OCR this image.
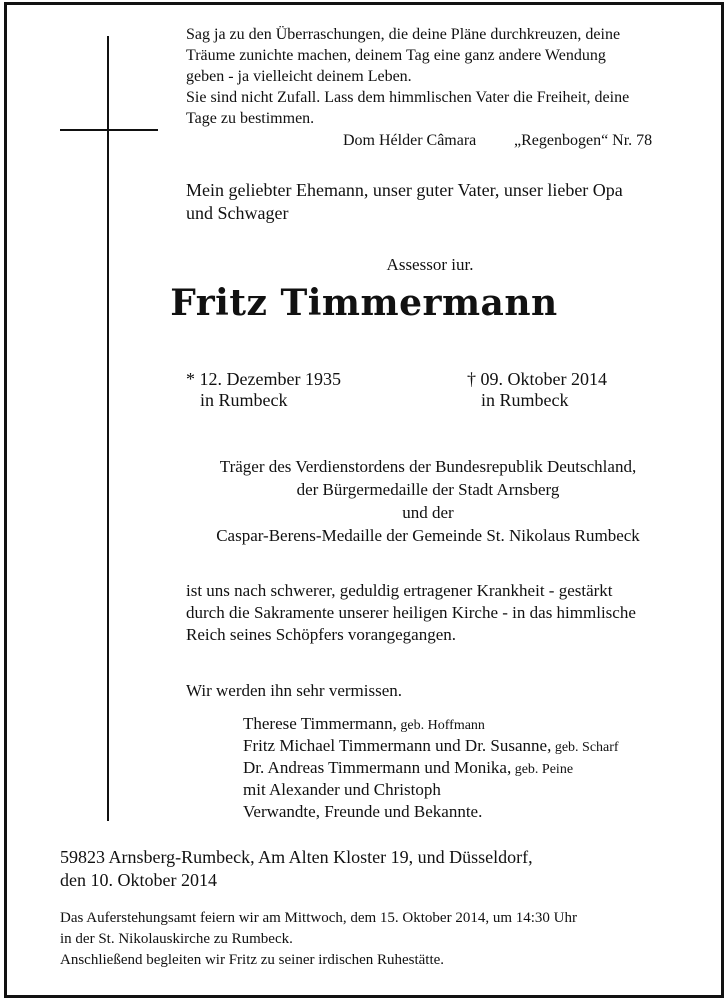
Sag ja zu den Überraschungen, die deine Pläne durchkreuzen, deine
Träume zunichte machen, deinem Tag eine ganz andere Wendung
geben - ja vielleicht deinem Leben.
Sie sind nicht Zufall. Lass dem himmlischen Vater die Freiheit, deine
Tage zu bestimmen.
Dom Hélder Câmara „Regenbogen“ Nr. 78
Mein geliebter Ehemann, unser guter Vater, unser lieber Opa
und Schwager
Assessor iur.
Fritz Timmermann
* 12. Dezember 1935
in Rumbeck
† 09. Oktober 2014
in Rumbeck
Träger des Verdienstordens der Bundesrepublik Deutschland,
der Bürgermedaille der Stadt Arnsberg
und der
Caspar-Berens-Medaille der Gemeinde St. Nikolaus Rumbeck
ist uns nach schwerer, geduldig ertragener Krankheit - gestärkt
durch die Sakramente unserer heiligen Kirche - in das himmlische
Reich seines Schöpfers vorangegangen.
Wir werden ihn sehr vermissen.
Therese Timmermann, geb. Hoffmann
Fritz Michael Timmermann und Dr. Susanne, geb. Scharf
Dr. Andreas Timmermann und Monika, geb. Peine
mit Alexander und Christoph
Verwandte, Freunde und Bekannte.
59823 Arnsberg-Rumbeck, Am Alten Kloster 19, und Düsseldorf,
den 10. Oktober 2014
Das Auferstehungsamt feiern wir am Mittwoch, dem 15. Oktober 2014, um 14:30 Uhr
in der St. Nikolauskirche zu Rumbeck.
Anschließend begleiten wir Fritz zu seiner irdischen Ruhestätte.
